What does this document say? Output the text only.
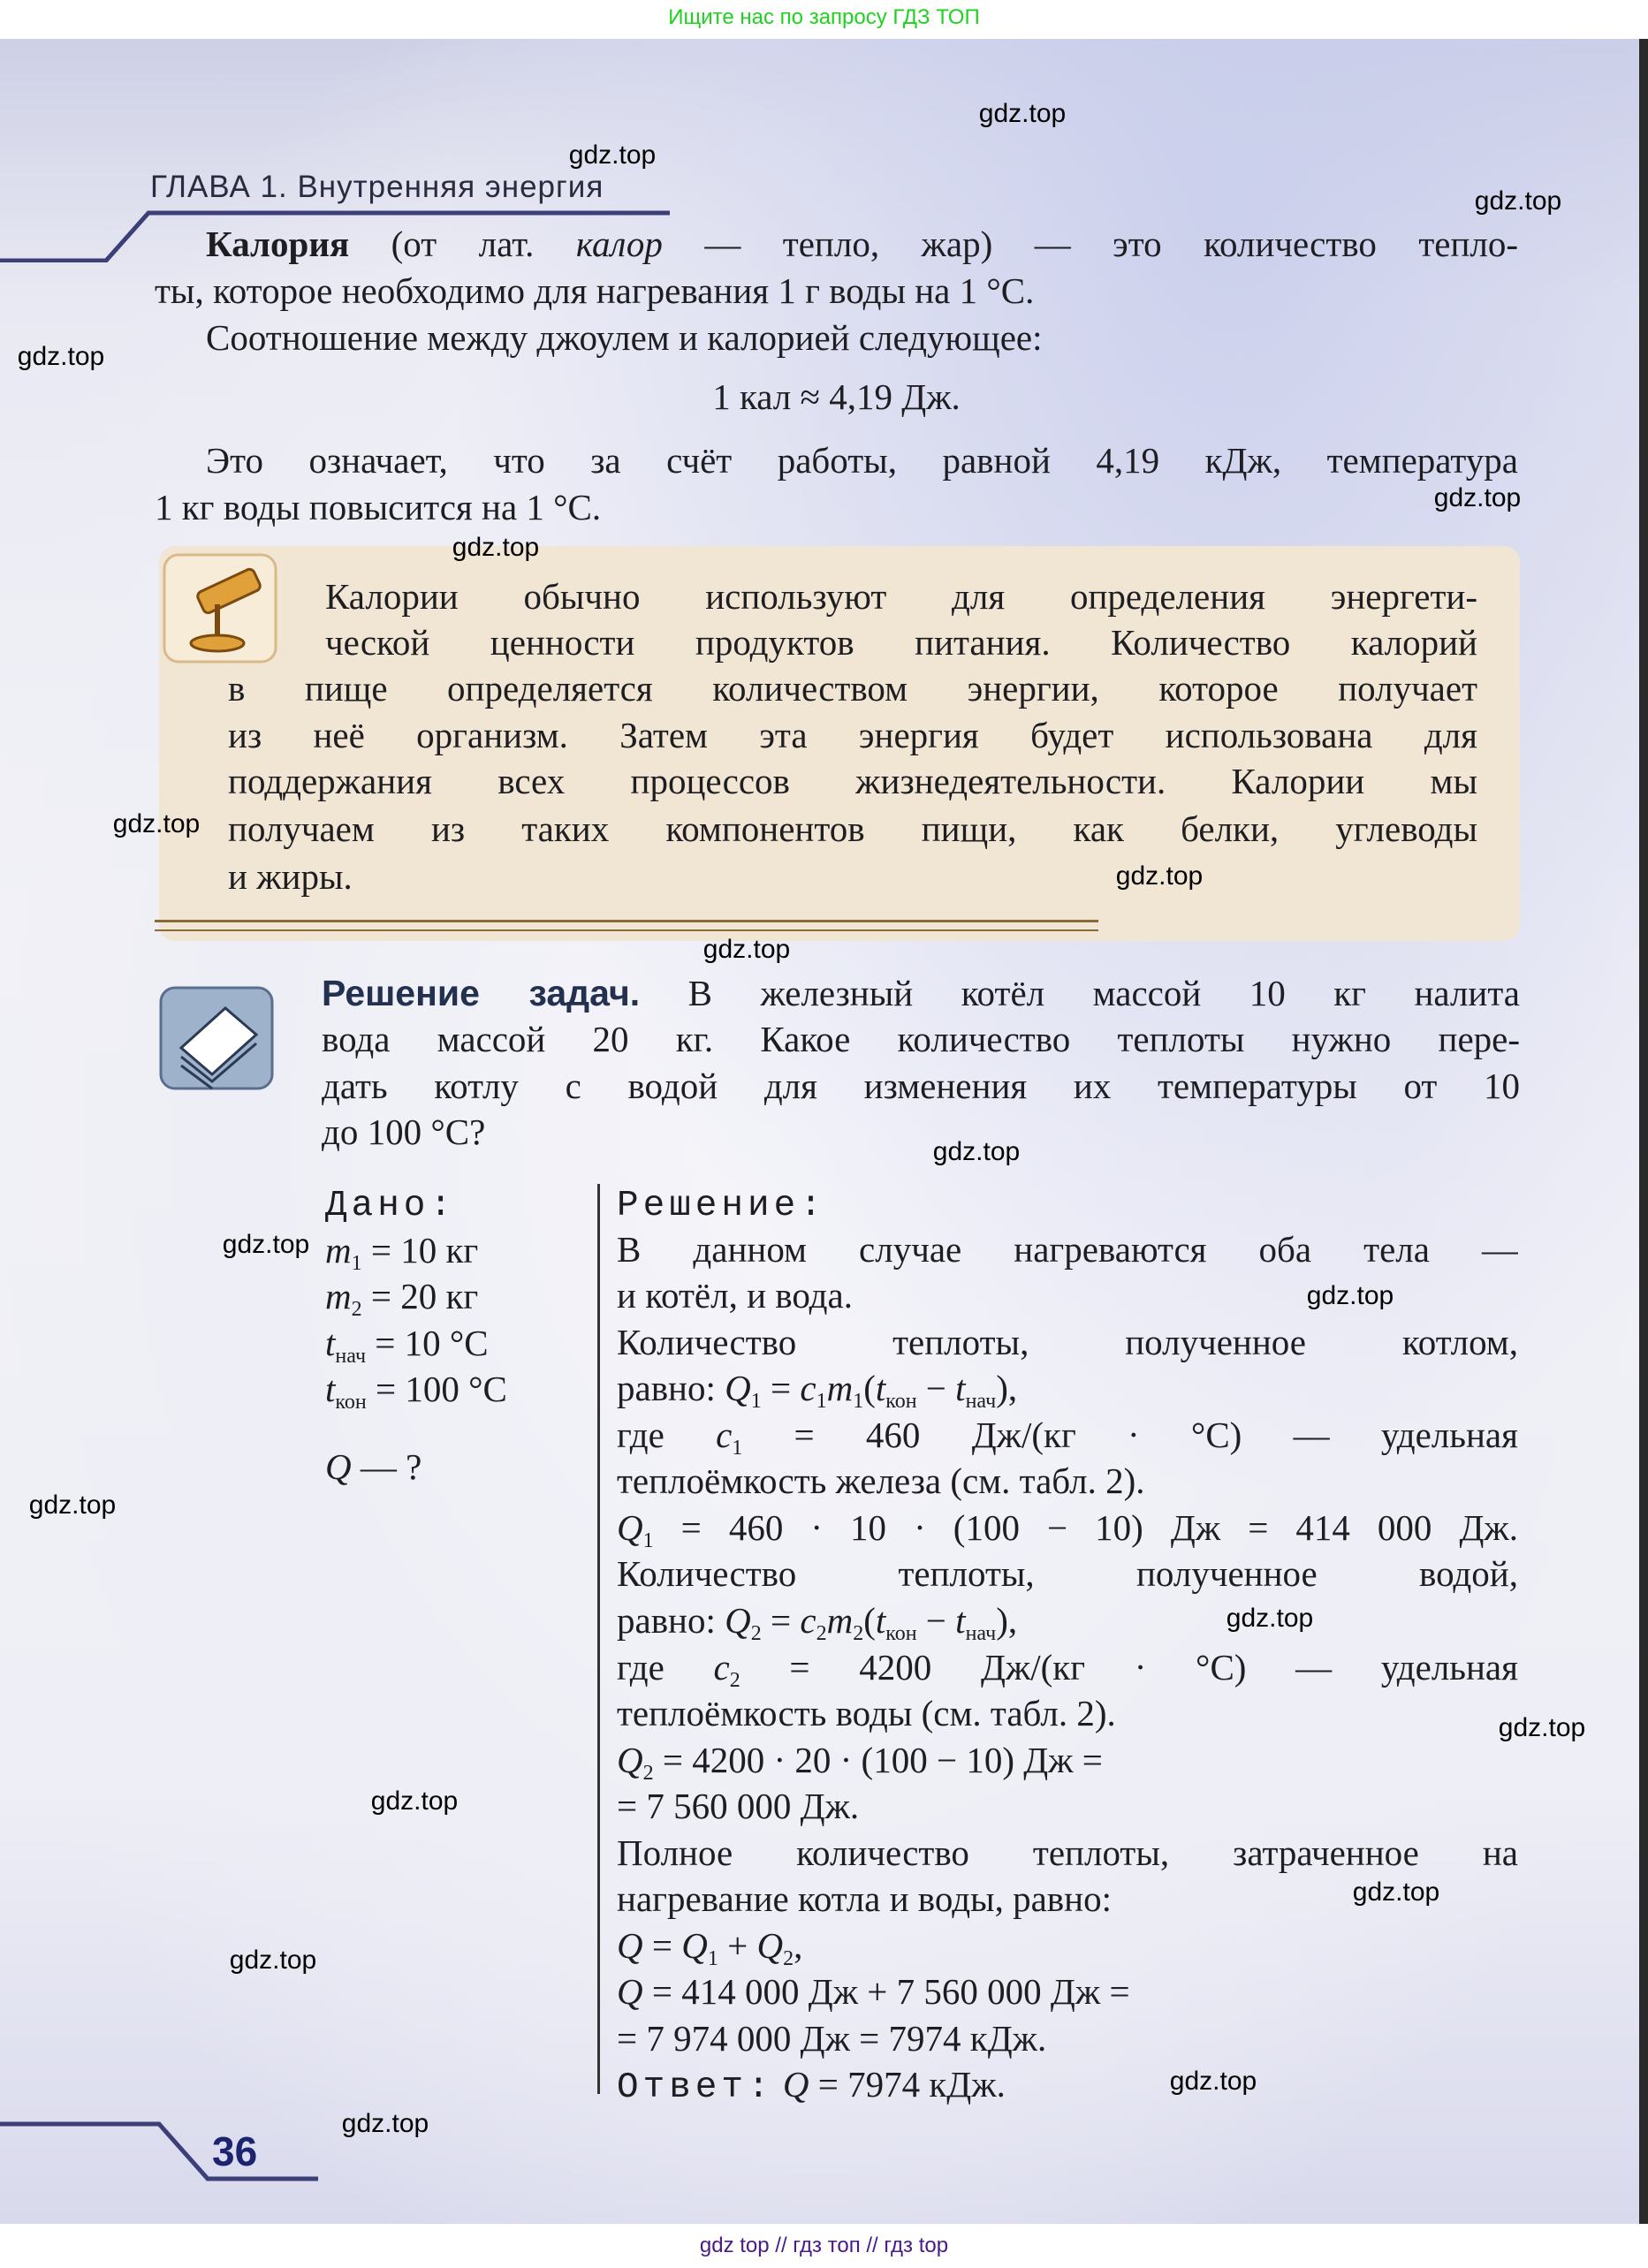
Ищите нас по запросу ГДЗ ТОП
ГЛАВА 1. Внутренняя энергия
Калория (от лат. калор — тепло, жар) — это количество тепло-
ты, которое необходимо для нагревания 1 г воды на 1 °С.
Соотношение между джоулем и калорией следующее:
1 кал ≈ 4,19 Дж.
Это означает, что за счёт работы, равной 4,19 кДж, температура
1 кг воды повысится на 1 °С.
Калории обычно используют для определения энергети-
ческой ценности продуктов питания. Количество калорий
в пище определяется количеством энергии, которое получает
из неё организм. Затем эта энергия будет использована для
поддержания всех процессов жизнедеятельности. Калории мы
получаем из таких компонентов пищи, как белки, углеводы
и жиры.
Решение задач. В железный котёл массой 10 кг налита
вода массой 20 кг. Какое количество теплоты нужно пере-
дать котлу с водой для изменения их температуры от 10
до 100 °С?
Дано:
$m_1 = 10$ кг
$m_2 = 20$ кг
$t_{нач} = 10$ °С
$t_{кон} = 100$ °С
Q — ?
Решение:
В данном случае нагреваются оба тела —
и котёл, и вода.
Количество теплоты, полученное котлом,
равно: $Q_1 = c_1m_1(t_{кон} - t_{нач})$,
где $c_1 = 460$ Дж/(кг · °С) — удельная
теплоёмкость железа (см. табл. 2).
$Q_1 = 460 \cdot 10 \cdot (100 - 10)$ Дж = 414 000 Дж.
Количество теплоты, полученное водой,
равно: $Q_2 = c_2m_2(t_{кон} - t_{нач})$,
где $c_2 = 4200$ Дж/(кг · °С) — удельная
теплоёмкость воды (см. табл. 2).
$Q_2 = 4200 \cdot 20 \cdot (100 - 10)$ Дж =
= 7 560 000 Дж.
Полное количество теплоты, затраченное на
нагревание котла и воды, равно:
$Q = Q_1 + Q_2$,
Q = 414 000 Дж + 7 560 000 Дж =
= 7 974 000 Дж = 7974 кДж.
Ответ: Q = 7974 кДж.
36
gdz.top
gdz.top
gdz.top
gdz.top
gdz.top
gdz.top
gdz.top
gdz.top
gdz.top
gdz.top
gdz.top
gdz.top
gdz.top
gdz.top
gdz.top
gdz.top
gdz.top
gdz.top
gdz.top
gdz.top
gdz top // гдз топ // гдз top
